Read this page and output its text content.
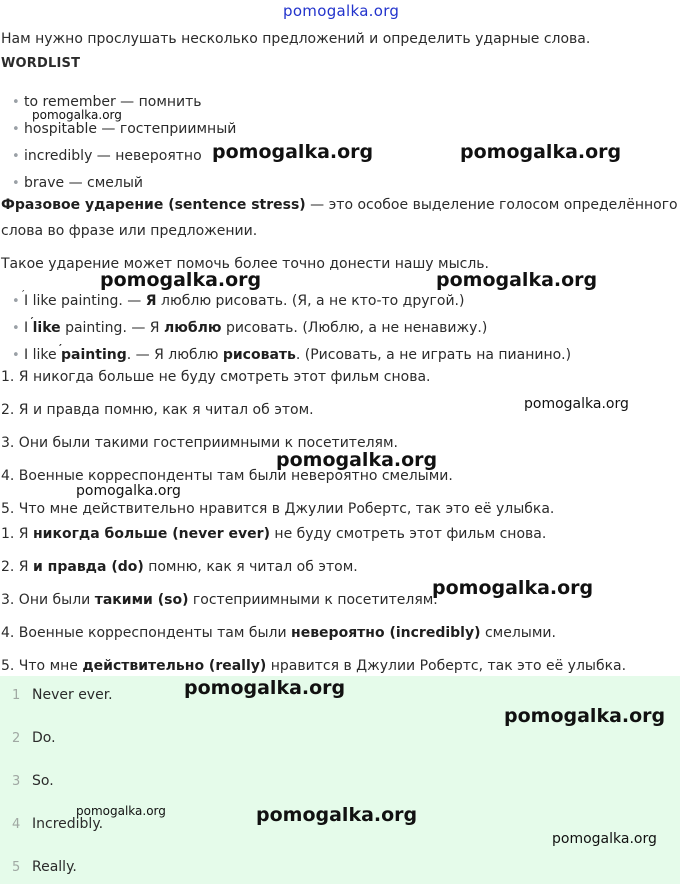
pomogalka.org
Нам нужно прослушать несколько предложений и определить ударные слова.
WORDLIST
• to remember — помнить
• hospitable — гостеприимный
• incredibly — невероятно
• brave — смелый
Фразовое ударение (sentence stress) — это особое выделение голосом определённого
слова во фразе или предложении.
Такое ударение может помочь более точно донести нашу мысль.
• ′ I like painting. — Я люблю рисовать. (Я, а не кто-то другой.)
• I ′ like painting. — Я люблю рисовать. (Люблю, а не ненавижу.)
• I like ′ painting. — Я люблю рисовать. (Рисовать, а не играть на пианино.)
1. Я никогда больше не буду смотреть этот фильм снова.
2. Я и правда помню, как я читал об этом.
3. Они были такими гостеприимными к посетителям.
4. Военные корреспонденты там были невероятно смелыми.
5. Что мне действительно нравится в Джулии Робертс, так это её улыбка.
1. Я никогда больше (never ever) не буду смотреть этот фильм снова.
2. Я и правда (do) помню, как я читал об этом.
3. Они были такими (so) гостеприимными к посетителям.
4. Военные корреспонденты там были невероятно (incredibly) смелыми.
5. Что мне действительно (really) нравится в Джулии Робертс, так это её улыбка.
1 Never ever.
2 Do.
3 So.
4 Incredibly.
5 Really.
pomogalka.org
pomogalka.org	pomogalka.org
pomogalka.org	pomogalka.org
pomogalka.org
pomogalka.org
pomogalka.org
pomogalka.org
pomogalka.org
pomogalka.org
pomogalka.org	pomogalka.org
pomogalka.org
